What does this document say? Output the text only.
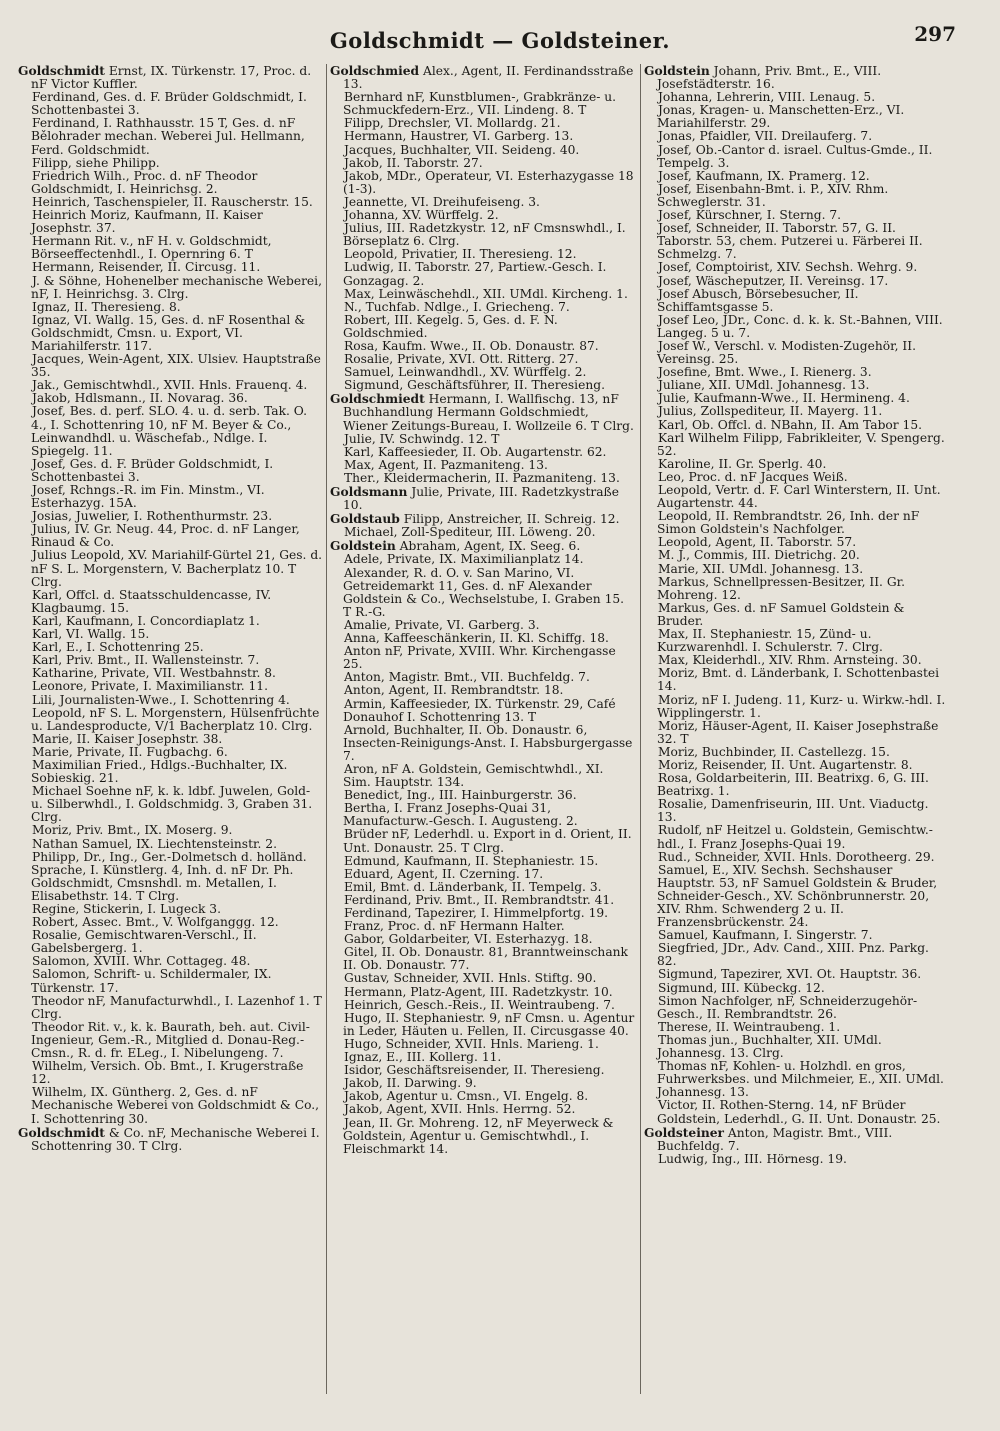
Goldschmidt — Goldsteiner.	297

Goldschmidt Ernst, IX. Türkenstr. 17, Proc. d. nF Victor Kuffler.

Ferdinand, Ges. d. F. Brüder Goldschmidt, I. Schottenbastei 3.

Ferdinand, I. Rathhausstr. 15 T, Ges. d. nF Bělohrader mechan. Weberei Jul. Hellmann, Ferd. Goldschmidt.

Filipp, siehe Philipp.

Friedrich Wilh., Proc. d. nF Theodor Goldschmidt, I. Heinrichsg. 2.

Heinrich, Taschenspieler, II. Rauscherstr. 15.

Heinrich Moriz, Kaufmann, II. Kaiser Josephstr. 37.

Hermann Rit. v., nF H. v. Goldschmidt, Börseeffectenhdl., I. Opernring 6. T

Hermann, Reisender, II. Circusg. 11.

J. & Söhne, Hohenelber mechanische Weberei, nF, I. Heinrichsg. 3. Clrg.

Ignaz, II. Theresieng. 8.

Ignaz, VI. Wallg. 15, Ges. d. nF Rosenthal & Goldschmidt, Cmsn. u. Export, VI. Mariahilferstr. 117.

Jacques, Wein-Agent, XIX. Ulsiev. Hauptstraße 35.

Jak., Gemischtwhdl., XVII. Hnls. Frauenq. 4.

Jakob, Hdlsmann., II. Novarag. 36.

Josef, Bes. d. perf. SLO. 4. u. d. serb. Tak. O. 4., I. Schottenring 10, nF M. Beyer & Co., Leinwandhdl. u. Wäschefab., Ndlge. I. Spiegelg. 11.

Josef, Ges. d. F. Brüder Goldschmidt, I. Schottenbastei 3.

Josef, Rchngs.-R. im Fin. Minstm., VI. Esterhazyg. 15A.

Josias, Juwelier, I. Rothenthurmstr. 23.

Julius, IV. Gr. Neug. 44, Proc. d. nF Langer, Rinaud & Co.

Julius Leopold, XV. Mariahilf-Gürtel 21, Ges. d. nF S. L. Morgenstern, V. Bacherplatz 10. T Clrg.

Karl, Offcl. d. Staatsschuldencasse, IV. Klagbaumg. 15.

Karl, Kaufmann, I. Concordiaplatz 1.

Karl, VI. Wallg. 15.

Karl, E., I. Schottenring 25.

Karl, Priv. Bmt., II. Wallensteinstr. 7.

Katharine, Private, VII. Westbahnstr. 8.

Leonore, Private, I. Maximilianstr. 11.

Lili, Journalisten-Wwe., I. Schottenring 4.

Leopold, nF S. L. Morgenstern, Hülsenfrüchte u. Landesproducte, V/1 Bacherplatz 10. Clrg.

Marie, II. Kaiser Josephstr. 38.

Marie, Private, II. Fugbachg. 6.

Maximilian Fried., Hdlgs.-Buchhalter, IX. Sobieskig. 21.

Michael Soehne nF, k. k. ldbf. Juwelen, Gold- u. Silberwhdl., I. Goldschmidg. 3, Graben 31. Clrg.

Moriz, Priv. Bmt., IX. Moserg. 9.

Nathan Samuel, IX. Liechtensteinstr. 2.

Philipp, Dr., Ing., Ger.-Dolmetsch d. holländ. Sprache, I. Künstlerg. 4, Inh. d. nF Dr. Ph. Goldschmidt, Cmsnshdl. m. Metallen, I. Elisabethstr. 14. T Clrg.

Regine, Stickerin, I. Lugeck 3.

Robert, Assec. Bmt., V. Wolfganggg. 12.

Rosalie, Gemischtwaren-Verschl., II. Gabelsbergerg. 1.

Salomon, XVIII. Whr. Cottageg. 48.

Salomon, Schrift- u. Schildermaler, IX. Türkenstr. 17.

Theodor nF, Manufacturwhdl., I. Lazenhof 1. T Clrg.

Theodor Rit. v., k. k. Baurath, beh. aut. Civil-Ingenieur, Gem.-R., Mitglied d. Donau-Reg.-Cmsn., R. d. fr. ELeg., I. Nibelungeng. 7.

Wilhelm, Versich. Ob. Bmt., I. Krugerstraße 12.

Wilhelm, IX. Güntherg. 2, Ges. d. nF Mechanische Weberei von Goldschmidt & Co., I. Schottenring 30.

Goldschmidt & Co. nF, Mechanische Weberei I. Schottenring 30. T Clrg.

Goldschmied Alex., Agent, II. Ferdinandsstraße 13.

Bernhard nF, Kunstblumen-, Grabkränze- u. Schmuckfedern-Erz., VII. Lindeng. 8. T

Filipp, Drechsler, VI. Mollardg. 21.

Hermann, Haustrer, VI. Garberg. 13.

Jacques, Buchhalter, VII. Seideng. 40.

Jakob, II. Taborstr. 27.

Jakob, MDr., Operateur, VI. Esterhazygasse 18 (1-3).

Jeannette, VI. Dreihufeiseng. 3.

Johanna, XV. Würffelg. 2.

Julius, III. Radetzkystr. 12, nF Cmsnswhdl., I. Börseplatz 6. Clrg.

Leopold, Privatier, II. Theresieng. 12.

Ludwig, II. Taborstr. 27, Partiew.-Gesch. I. Gonzagag. 2.

Max, Leinwäschehdl., XII. UMdl. Kircheng. 1.

N., Tuchfab. Ndlge., I. Griecheng. 7.

Robert, III. Kegelg. 5, Ges. d. F. N. Goldschmied.

Rosa, Kaufm. Wwe., II. Ob. Donaustr. 87.

Rosalie, Private, XVI. Ott. Ritterg. 27.

Samuel, Leinwandhdl., XV. Würffelg. 2.

Sigmund, Geschäftsführer, II. Theresieng.

Goldschmiedt Hermann, I. Wallfischg. 13, nF Buchhandlung Hermann Goldschmiedt, Wiener Zeitungs-Bureau, I. Wollzeile 6. T Clrg.

Julie, IV. Schwindg. 12. T

Karl, Kaffeesieder, II. Ob. Augartenstr. 62.

Max, Agent, II. Pazmaniteng. 13.

Ther., Kleidermacherin, II. Pazmaniteng. 13.

Goldsmann Julie, Private, III. Radetzkystraße 10.

Goldstaub Filipp, Anstreicher, II. Schreig. 12.

Michael, Zoll-Spediteur, III. Löweng. 20.

Goldstein Abraham, Agent, IX. Seeg. 6.

Adele, Private, IX. Maximilianplatz 14.

Alexander, R. d. O. v. San Marino, VI. Getreidemarkt 11, Ges. d. nF Alexander Goldstein & Co., Wechselstube, I. Graben 15. T R.-G.

Amalie, Private, VI. Garberg. 3.

Anna, Kaffeeschänkerin, II. Kl. Schiffg. 18.

Anton nF, Private, XVIII. Whr. Kirchengasse 25.

Anton, Magistr. Bmt., VII. Buchfeldg. 7.

Anton, Agent, II. Rembrandtstr. 18.

Armin, Kaffeesieder, IX. Türkenstr. 29, Café Donauhof I. Schottenring 13. T

Arnold, Buchhalter, II. Ob. Donaustr. 6, Insecten-Reinigungs-Anst. I. Habsburgergasse 7.

Aron, nF A. Goldstein, Gemischtwhdl., XI. Sim. Hauptstr. 134.

Benedict, Ing., III. Hainburgerstr. 36.

Bertha, I. Franz Josephs-Quai 31, Manufacturw.-Gesch. I. Augusteng. 2.

Brüder nF, Lederhdl. u. Export in d. Orient, II. Unt. Donaustr. 25. T Clrg.

Edmund, Kaufmann, II. Stephaniestr. 15.

Eduard, Agent, II. Czerning. 17.

Emil, Bmt. d. Länderbank, II. Tempelg. 3.

Ferdinand, Priv. Bmt., II. Rembrandtstr. 41.

Ferdinand, Tapezirer, I. Himmelpfortg. 19.

Franz, Proc. d. nF Hermann Halter.

Gabor, Goldarbeiter, VI. Esterhazyg. 18.

Gitel, II. Ob. Donaustr. 81, Branntweinschank II. Ob. Donaustr. 77.

Gustav, Schneider, XVII. Hnls. Stiftg. 90.

Hermann, Platz-Agent, III. Radetzkystr. 10.

Heinrich, Gesch.-Reis., II. Weintraubeng. 7.

Hugo, II. Stephaniestr. 9, nF Cmsn. u. Agentur in Leder, Häuten u. Fellen, II. Circusgasse 40.

Hugo, Schneider, XVII. Hnls. Marieng. 1.

Ignaz, E., III. Kollerg. 11.

Isidor, Geschäftsreisender, II. Theresieng.

Jakob, II. Darwing. 9.

Jakob, Agentur u. Cmsn., VI. Engelg. 8.

Jakob, Agent, XVII. Hnls. Herrng. 52.

Jean, II. Gr. Mohreng. 12, nF Meyerweck & Goldstein, Agentur u. Gemischtwhdl., I. Fleischmarkt 14.

Goldstein Johann, Priv. Bmt., E., VIII. Josefstädterstr. 16.

Johanna, Lehrerin, VIII. Lenaug. 5.

Jonas, Kragen- u. Manschetten-Erz., VI. Mariahilferstr. 29.

Jonas, Pfaidler, VII. Dreilauferg. 7.

Josef, Ob.-Cantor d. israel. Cultus-Gmde., II. Tempelg. 3.

Josef, Kaufmann, IX. Pramerg. 12.

Josef, Eisenbahn-Bmt. i. P., XIV. Rhm. Schweglerstr. 31.

Josef, Kürschner, I. Sterng. 7.

Josef, Schneider, II. Taborstr. 57, G. II. Taborstr. 53, chem. Putzerei u. Färberei II. Schmelzg. 7.

Josef, Comptoirist, XIV. Sechsh. Wehrg. 9.

Josef, Wäscheputzer, II. Vereinsg. 17.

Josef Abusch, Börsebesucher, II. Schiffamtsgasse 5.

Josef Leo, JDr., Conc. d. k. k. St.-Bahnen, VIII. Langeg. 5 u. 7.

Josef W., Verschl. v. Modisten-Zugehör, II. Vereinsg. 25.

Josefine, Bmt. Wwe., I. Rienerg. 3.

Juliane, XII. UMdl. Johannesg. 13.

Julie, Kaufmann-Wwe., II. Hermineng. 4.

Julius, Zollspediteur, II. Mayerg. 11.

Karl, Ob. Offcl. d. NBahn, II. Am Tabor 15.

Karl Wilhelm Filipp, Fabrikleiter, V. Spengerg. 52.

Karoline, II. Gr. Sperlg. 40.

Leo, Proc. d. nF Jacques Weiß.

Leopold, Vertr. d. F. Carl Winterstern, II. Unt. Augartenstr. 44.

Leopold, II. Rembrandtstr. 26, Inh. der nF Simon Goldstein's Nachfolger.

Leopold, Agent, II. Taborstr. 57.

M. J., Commis, III. Dietrichg. 20.

Marie, XII. UMdl. Johannesg. 13.

Markus, Schnellpressen-Besitzer, II. Gr. Mohreng. 12.

Markus, Ges. d. nF Samuel Goldstein & Bruder.

Max, II. Stephaniestr. 15, Zünd- u. Kurzwarenhdl. I. Schulerstr. 7. Clrg.

Max, Kleiderhdl., XIV. Rhm. Arnsteing. 30.

Moriz, Bmt. d. Länderbank, I. Schottenbastei 14.

Moriz, nF I. Judeng. 11, Kurz- u. Wirkw.-hdl. I. Wipplingerstr. 1.

Moriz, Häuser-Agent, II. Kaiser Josephstraße 32. T

Moriz, Buchbinder, II. Castellezg. 15.

Moriz, Reisender, II. Unt. Augartenstr. 8.

Rosa, Goldarbeiterin, III. Beatrixg. 6, G. III. Beatrixg. 1.

Rosalie, Damenfriseurin, III. Unt. Viaductg. 13.

Rudolf, nF Heitzel u. Goldstein, Gemischtw.-hdl., I. Franz Josephs-Quai 19.

Rud., Schneider, XVII. Hnls. Dorotheerg. 29.

Samuel, E., XIV. Sechsh. Sechshauser Hauptstr. 53, nF Samuel Goldstein & Bruder, Schneider-Gesch., XV. Schönbrunnerstr. 20, XIV. Rhm. Schwenderg 2 u. II. Franzensbrückenstr. 24.

Samuel, Kaufmann, I. Singerstr. 7.

Siegfried, JDr., Adv. Cand., XIII. Pnz. Parkg. 82.

Sigmund, Tapezirer, XVI. Ot. Hauptstr. 36.

Sigmund, III. Kübeckg. 12.

Simon Nachfolger, nF, Schneiderzugehör-Gesch., II. Rembrandtstr. 26.

Therese, II. Weintraubeng. 1.

Thomas jun., Buchhalter, XII. UMdl. Johannesg. 13. Clrg.

Thomas nF, Kohlen- u. Holzhdl. en gros, Fuhrwerksbes. und Milchmeier, E., XII. UMdl. Johannesg. 13.

Victor, II. Rothen-Sterng. 14, nF Brüder Goldstein, Lederhdl., G. II. Unt. Donaustr. 25.

Goldsteiner Anton, Magistr. Bmt., VIII. Buchfeldg. 7.

Ludwig, Ing., III. Hörnesg. 19.
